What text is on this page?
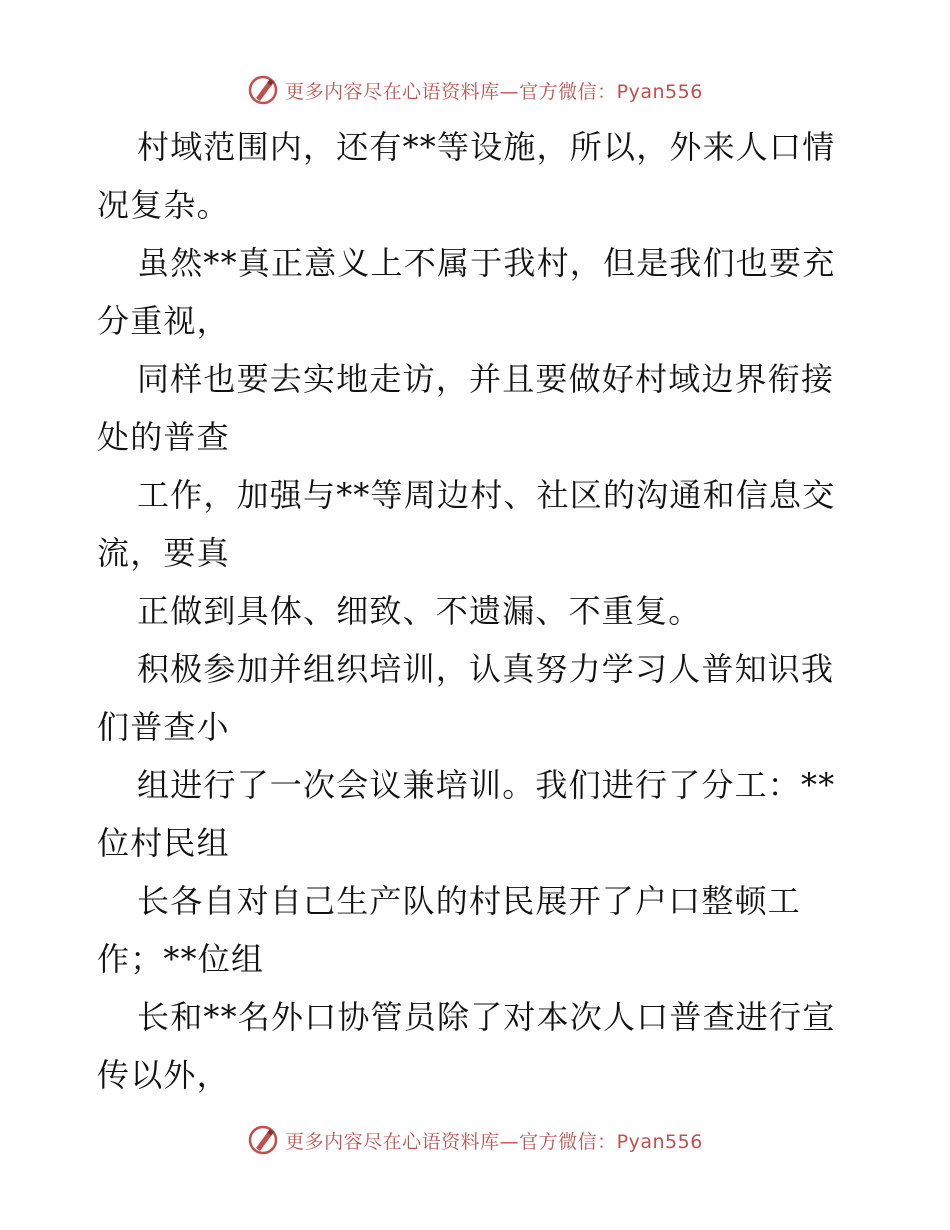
更多内容尽在心语资料库—官方微信：Pyan556

村域范围内，还有**等设施，所以，外来人口情况复杂。

虽然**真正意义上不属于我村，但是我们也要充分重视，

同样也要去实地走访，并且要做好村域边界衔接处的普查

工作，加强与**等周边村、社区的沟通和信息交流，要真

正做到具体、细致、不遗漏、不重复。

积极参加并组织培训，认真努力学习人普知识我们普查小

组进行了一次会议兼培训。我们进行了分工：**位村民组

长各自对自己生产队的村民展开了户口整顿工作；**位组

长和**名外口协管员除了对本次人口普查进行宣传以外，

更多内容尽在心语资料库—官方微信：Pyan556
